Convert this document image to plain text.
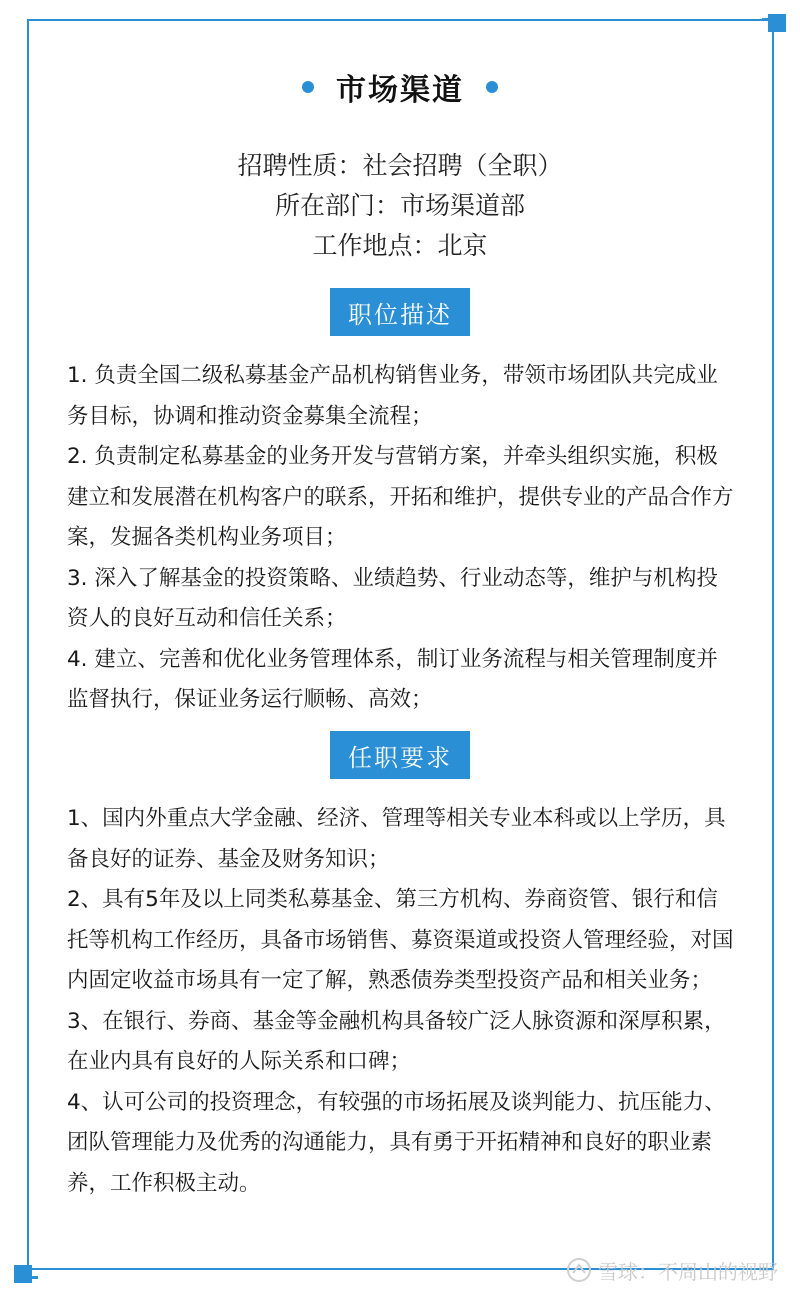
市场渠道
招聘性质：社会招聘（全职）
所在部门：市场渠道部
工作地点：北京
职位描述

1. 负责全国二级私募基金产品机构销售业务，带领市场团队共完成业务目标，协调和推动资金募集全流程；

2. 负责制定私募基金的业务开发与营销方案，并牵头组织实施，积极建立和发展潜在机构客户的联系，开拓和维护，提供专业的产品合作方案，发掘各类机构业务项目；

3. 深入了解基金的投资策略、业绩趋势、行业动态等，维护与机构投资人的良好互动和信任关系；

4. 建立、完善和优化业务管理体系，制订业务流程与相关管理制度并监督执行，保证业务运行顺畅、高效；

任职要求

1、国内外重点大学金融、经济、管理等相关专业本科或以上学历，具备良好的证券、基金及财务知识；

2、具有5年及以上同类私募基金、第三方机构、券商资管、银行和信托等机构工作经历，具备市场销售、募资渠道或投资人管理经验，对国内固定收益市场具有一定了解，熟悉债券类型投资产品和相关业务；

3、在银行、券商、基金等金融机构具备较广泛人脉资源和深厚积累，在业内具有良好的人际关系和口碑；

4、认可公司的投资理念，有较强的市场拓展及谈判能力、抗压能力、团队管理能力及优秀的沟通能力，具有勇于开拓精神和良好的职业素养，工作积极主动。

雪球：不周山的视野
